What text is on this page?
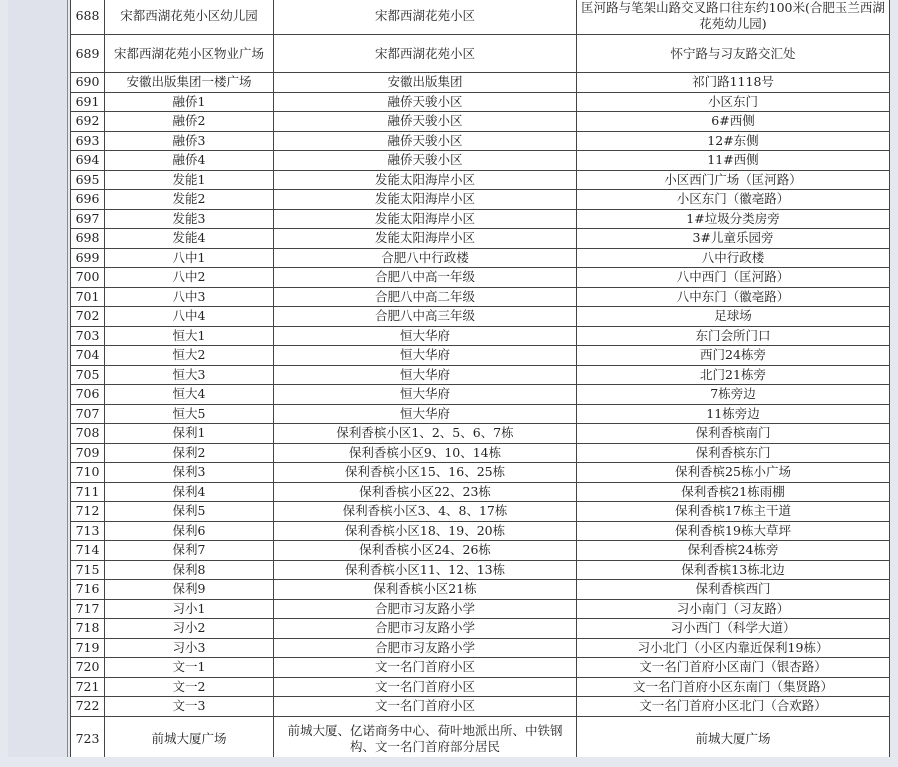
688	宋都西湖花苑小区幼儿园	宋都西湖花苑小区	匡河路与笔架山路交叉路口往东约100米(合肥玉兰西湖花苑幼儿园)
689	宋都西湖花苑小区物业广场	宋都西湖花苑小区	怀宁路与习友路交汇处
690	安徽出版集团一楼广场	安徽出版集团	祁门路1118号
691	融侨1	融侨天骏小区	小区东门
692	融侨2	融侨天骏小区	6#西侧
693	融侨3	融侨天骏小区	12#东侧
694	融侨4	融侨天骏小区	11#西侧
695	发能1	发能太阳海岸小区	小区西门广场（匡河路）
696	发能2	发能太阳海岸小区	小区东门（徽亳路）
697	发能3	发能太阳海岸小区	1#垃圾分类房旁
698	发能4	发能太阳海岸小区	3#儿童乐园旁
699	八中1	合肥八中行政楼	八中行政楼
700	八中2	合肥八中高一年级	八中西门（匡河路）
701	八中3	合肥八中高二年级	八中东门（徽亳路）
702	八中4	合肥八中高三年级	足球场
703	恒大1	恒大华府	东门会所门口
704	恒大2	恒大华府	西门24栋旁
705	恒大3	恒大华府	北门21栋旁
706	恒大4	恒大华府	7栋旁边
707	恒大5	恒大华府	11栋旁边
708	保利1	保利香槟小区1、2、5、6、7栋	保利香槟南门
709	保利2	保利香槟小区9、10、14栋	保利香槟东门
710	保利3	保利香槟小区15、16、25栋	保利香槟25栋小广场
711	保利4	保利香槟小区22、23栋	保利香槟21栋雨棚
712	保利5	保利香槟小区3、4、8、17栋	保利香槟17栋主干道
713	保利6	保利香槟小区18、19、20栋	保利香槟19栋大草坪
714	保利7	保利香槟小区24、26栋	保利香槟24栋旁
715	保利8	保利香槟小区11、12、13栋	保利香槟13栋北边
716	保利9	保利香槟小区21栋	保利香槟西门
717	习小1	合肥市习友路小学	习小南门（习友路）
718	习小2	合肥市习友路小学	习小西门（科学大道）
719	习小3	合肥市习友路小学	习小北门（小区内靠近保利19栋）
720	文一1	文一名门首府小区	文一名门首府小区南门（银杏路）
721	文一2	文一名门首府小区	文一名门首府小区东南门（集贤路）
722	文一3	文一名门首府小区	文一名门首府小区北门（合欢路）
723	前城大厦广场	前城大厦、亿诺商务中心、荷叶地派出所、中铁钢构、文一名门首府部分居民	前城大厦广场
